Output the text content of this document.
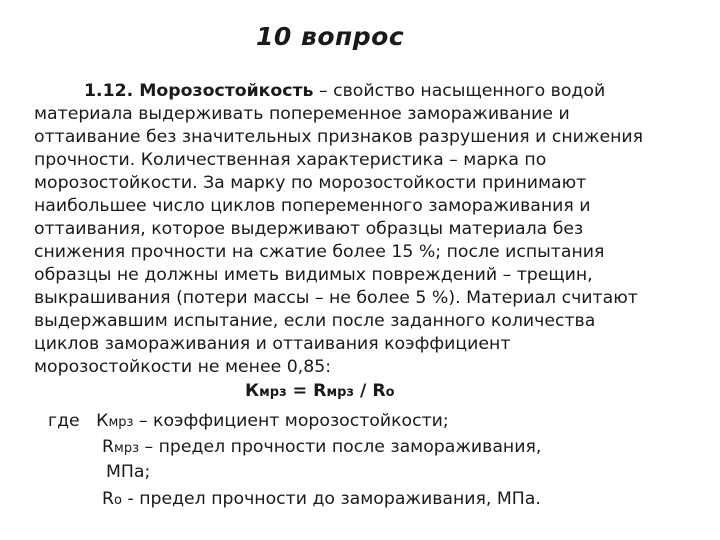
10 вопрос
1.12. Морозостойкость – свойство насыщенного водой
материала выдерживать попеременное замораживание и
оттаивание без значительных признаков разрушения и снижения
прочности. Количественная характеристика – марка по
морозостойкости. За марку по морозостойкости принимают
наибольшее число циклов попеременного замораживания и
оттаивания, которое выдерживают образцы материала без
снижения прочности на сжатие более 15 %; после испытания
образцы не должны иметь видимых повреждений – трещин,
выкрашивания (потери массы – не более 5 %). Материал считают
выдержавшим испытание, если после заданного количества
циклов замораживания и оттаивания коэффициент
морозостойкости не менее 0,85:
Кмрз = Rмрз / Ro
где Кмрз – коэффициент морозостойкости;
Rмрз – предел прочности после замораживания,
МПа;
Ro - предел прочности до замораживания, МПа.
